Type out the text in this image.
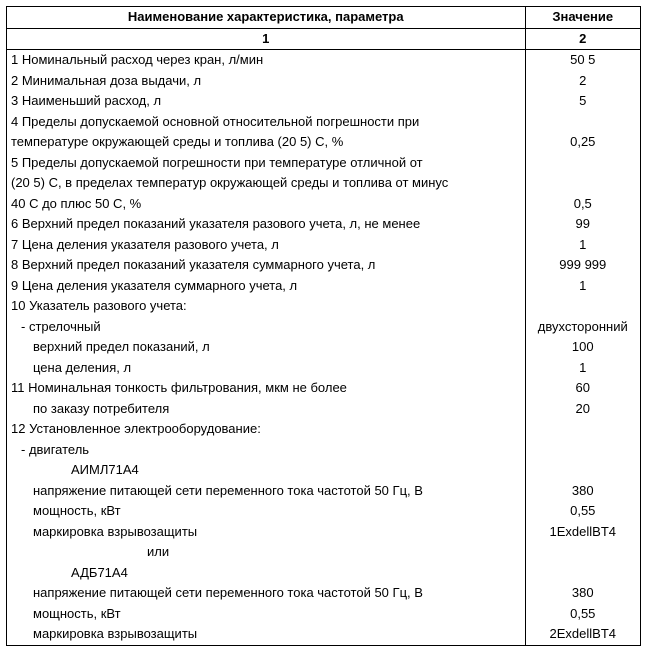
Наименование характеристика, параметра	Значение
1	2
1 Номинальный расход через кран, л/мин	50 5
2 Минимальная доза выдачи, л	2
3 Наименьший расход, л	5

4 Пределы допускаемой основной относительной погрешности при
температуре окружающей среды и топлива (20 5) С, %	0,25

5 Пределы допускаемой погрешности при температуре отличной от
(20 5) С, в пределах температур окружающей среды и топлива от минус
40 С до плюс 50 С, %	0,5
6 Верхний предел показаний указателя разового учета, л, не менее	99
7 Цена деления указателя разового учета, л	1
8 Верхний предел показаний указателя суммарного учета, л	999 999
9 Цена деления указателя суммарного учета, л	1
10 Указатель разового учета:	
- стрелочный	двухсторонний
верхний предел показаний, л	100
цена деления, л	1
11 Номинальная тонкость фильтрования, мкм не более	60
по заказу потребителя	20
12 Установленное электрооборудование:	
- двигатель	
АИМЛ71А4	
напряжение питающей сети переменного тока частотой 50 Гц, В	380
мощность, кВт	0,55
маркировка взрывозащиты	1ExdellBT4
или	
АДБ71А4	
напряжение питающей сети переменного тока частотой 50 Гц, В	380
мощность, кВт	0,55
маркировка взрывозащиты	2ExdellBT4
